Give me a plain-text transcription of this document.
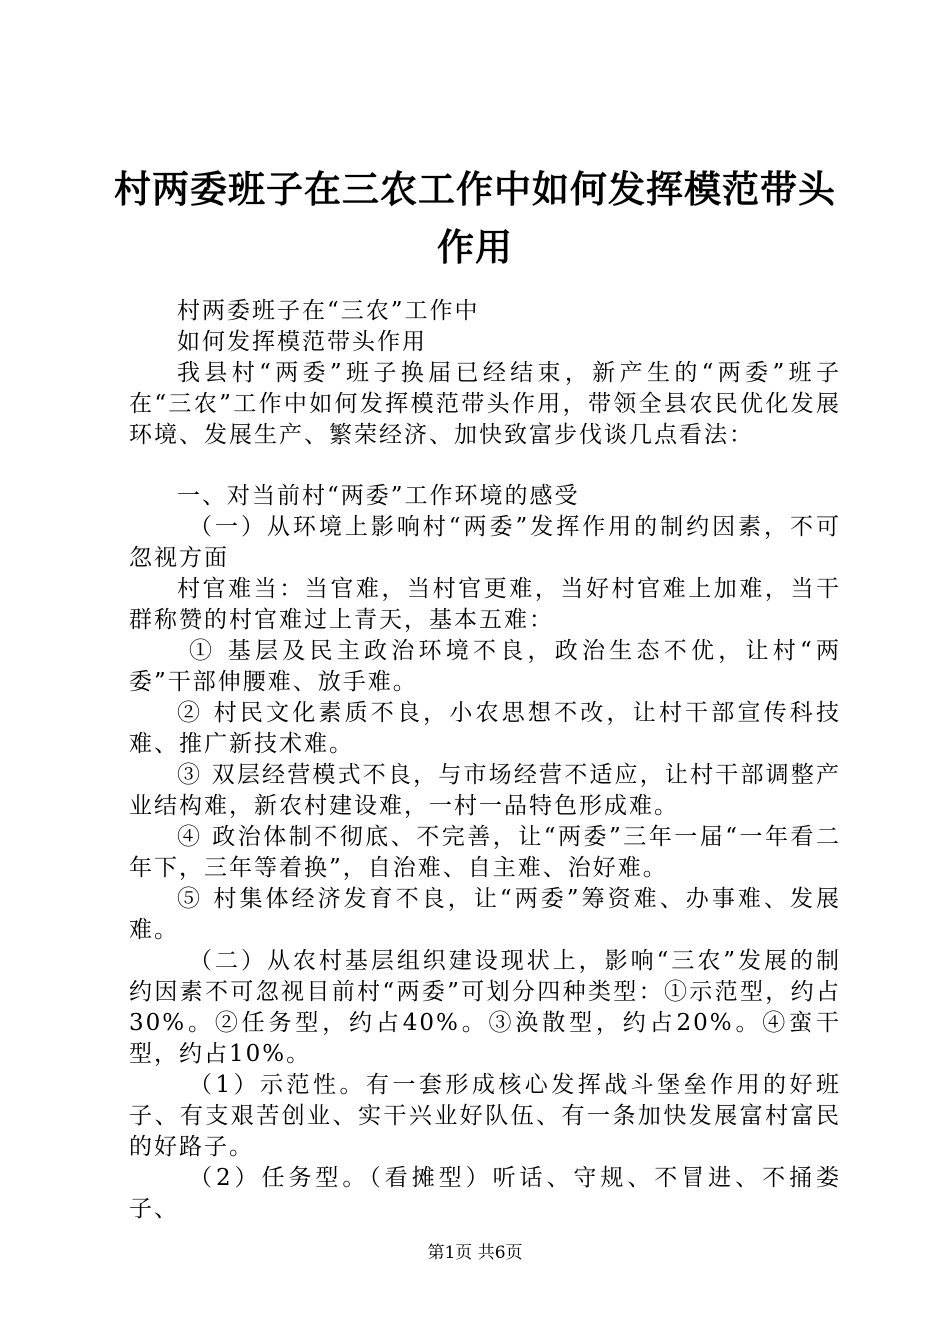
村两委班子在三农工作中如何发挥模范带头作用

村两委班子在“三农”工作中

如何发挥模范带头作用

我县村“两委”班子换届已经结束，新产生的“两委”班子在“三农”工作中如何发挥模范带头作用，带领全县农民优化发展环境、发展生产、繁荣经济、加快致富步伐谈几点看法：

一、对当前村“两委”工作环境的感受

（一）从环境上影响村“两委”发挥作用的制约因素，不可忽视方面

村官难当：当官难，当村官更难，当好村官难上加难，当干群称赞的村官难过上青天，基本五难：

① 基层及民主政治环境不良，政治生态不优，让村“两委”干部伸腰难、放手难。

② 村民文化素质不良，小农思想不改，让村干部宣传科技难、推广新技术难。

③ 双层经营模式不良，与市场经营不适应，让村干部调整产业结构难，新农村建设难，一村一品特色形成难。

④ 政治体制不彻底、不完善，让“两委”三年一届“一年看二年下，三年等着换”，自治难、自主难、治好难。

⑤ 村集体经济发育不良，让“两委”筹资难、办事难、发展难。

（二）从农村基层组织建设现状上，影响“三农”发展的制约因素不可忽视目前村“两委”可划分四种类型：①示范型，约占30%。②任务型，约占40%。③涣散型，约占20%。④蛮干型，约占10%。

（1）示范性。有一套形成核心发挥战斗堡垒作用的好班子、有支艰苦创业、实干兴业好队伍、有一条加快发展富村富民的好路子。

（2）任务型。（看摊型）听话、守规、不冒进、不捅娄子、

第1页 共6页
